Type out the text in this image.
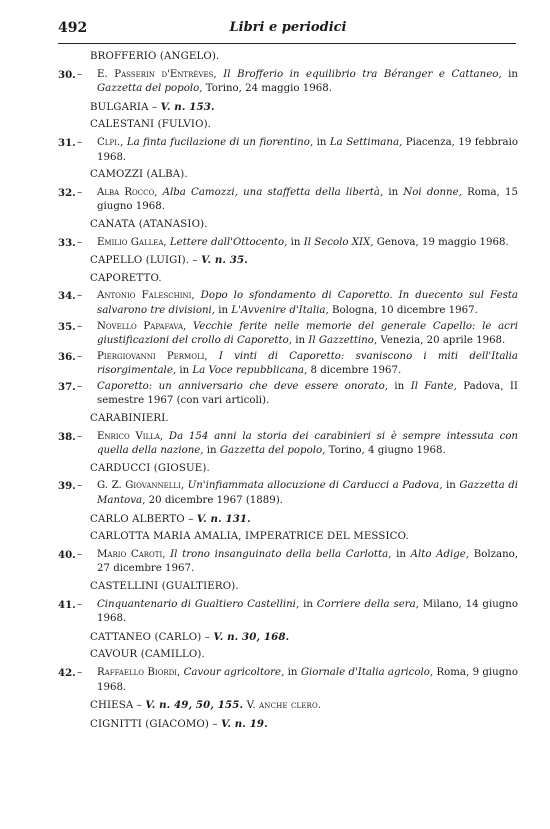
492	Libri e periodici
BROFFERIO (ANGELO).
30. – E. Passerin d'Entrèves, Il Brofferio in equilibrio tra Béranger e Cattaneo, in Gazzetta del popolo, Torino, 24 maggio 1968.
BULGARIA – V. n. 153.
CALESTANI (FULVIO).
31. – Clpi., La finta fucilazione di un fiorentino, in La Settimana, Piacenza, 19 febbraio 1968.
CAMOZZI (ALBA).
32. – Alba Rocco, Alba Camozzi, una staffetta della libertà, in Noi donne, Roma, 15 giugno 1968.
CANATA (ATANASIO).
33. – Emilio Gallea, Lettere dall'Ottocento, in Il Secolo XIX, Genova, 19 maggio 1968.
CAPELLO (LUIGI). – V. n. 35.
CAPORETTO.
34. – Antonio Faleschini, Dopo lo sfondamento di Caporetto. In duecento sul Festa salvarono tre divisioni, in L'Avvenire d'Italia, Bologna, 10 dicembre 1967.
35. – Novello Papafava, Vecchie ferite nelle memorie del generale Capello: le acri giustificazioni del crollo di Caporetto, in Il Gazzettino, Venezia, 20 aprile 1968.
36. – Piergiovanni Permoli, I vinti di Caporetto: svaniscono i miti dell'Italia risorgimentale, in La Voce repubblicana, 8 dicembre 1967.
37. – Caporetto: un anniversario che deve essere onorato, in Il Fante, Padova, II semestre 1967 (con vari articoli).
CARABINIERI.
38. – Enrico Villa, Da 154 anni la storia dei carabinieri si è sempre intessuta con quella della nazione, in Gazzetta del popolo, Torino, 4 giugno 1968.
CARDUCCI (GIOSUE).
39. – G. Z. Giovannelli, Un'infiammata allocuzione di Carducci a Padova, in Gazzetta di Mantova, 20 dicembre 1967 (1889).
CARLO ALBERTO – V. n. 131.
CARLOTTA MARIA AMALIA, IMPERATRICE DEL MESSICO.
40. – Mario Caroti, Il trono insanguinato della bella Carlotta, in Alto Adige, Bolzano, 27 dicembre 1967.
CASTELLINI (GUALTIERO).
41. – Cinquantenario di Gualtiero Castellini, in Corriere della sera, Milano, 14 giugno 1968.
CATTANEO (CARLO) – V. n. 30, 168.
CAVOUR (CAMILLO).
42. – Raffaello Biordi, Cavour agricoltore, in Giornale d'Italia agricolo, Roma, 9 giugno 1968.
CHIESA – V. n. 49, 50, 155. V. anche clero.
CIGNITTI (GIACOMO) – V. n. 19.
